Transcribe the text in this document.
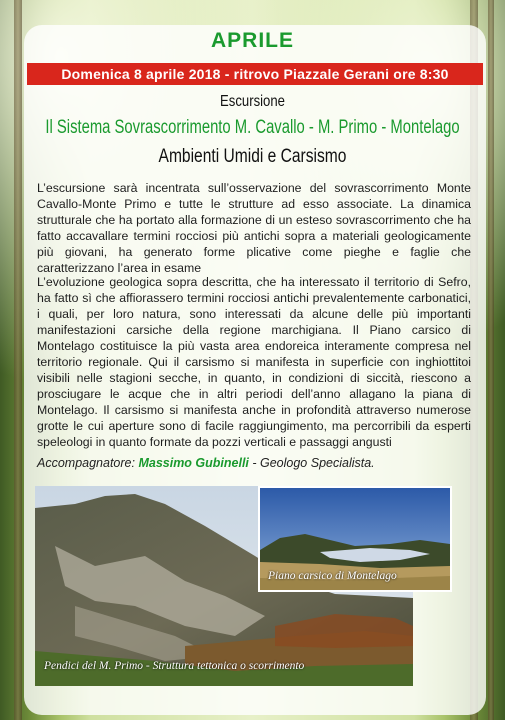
APRILE
Domenica 8 aprile 2018 - ritrovo Piazzale Gerani ore 8:30
Escursione
Il Sistema Sovrascorrimento M. Cavallo - M. Primo - Montelago
Ambienti Umidi e Carsismo
L’escursione sarà incentrata sull’osservazione del sovrascorrimento Monte Cavallo-Monte Primo e tutte le strutture ad esso associate. La dinamica strutturale che ha portato alla formazione di un esteso sovrascorrimento che ha fatto accavallare termini rocciosi più antichi sopra a materiali geologicamente più giovani, ha generato forme plicative come pieghe e faglie che caratterizzano l’area in esame
L’evoluzione geologica sopra descritta, che ha interessato il territorio di Sefro, ha fatto sì che affiorassero termini rocciosi antichi prevalentemente carbonatici, i quali, per loro natura, sono interessati da alcune delle più importanti manifestazioni carsiche della regione marchigiana. Il Piano carsico di Montelago costituisce la più vasta area endoreica interamente compresa nel territorio regionale. Qui il carsismo si manifesta in superficie con inghiottitoi visibili nelle stagioni secche, in quanto, in condizioni di siccità, riescono a prosciugare le acque che in altri periodi dell’anno allagano la piana di Montelago. Il carsismo si manifesta anche in profondità attraverso numerose grotte le cui aperture sono di facile raggiungimento, ma percorribili da esperti speleologi in quanto formate da pozzi verticali e passaggi angusti
Accompagnatore: Massimo Gubinelli - Geologo Specialista.
Piano carsico di Montelago
Pendici del M. Primo - Struttura tettonica o scorrimento
